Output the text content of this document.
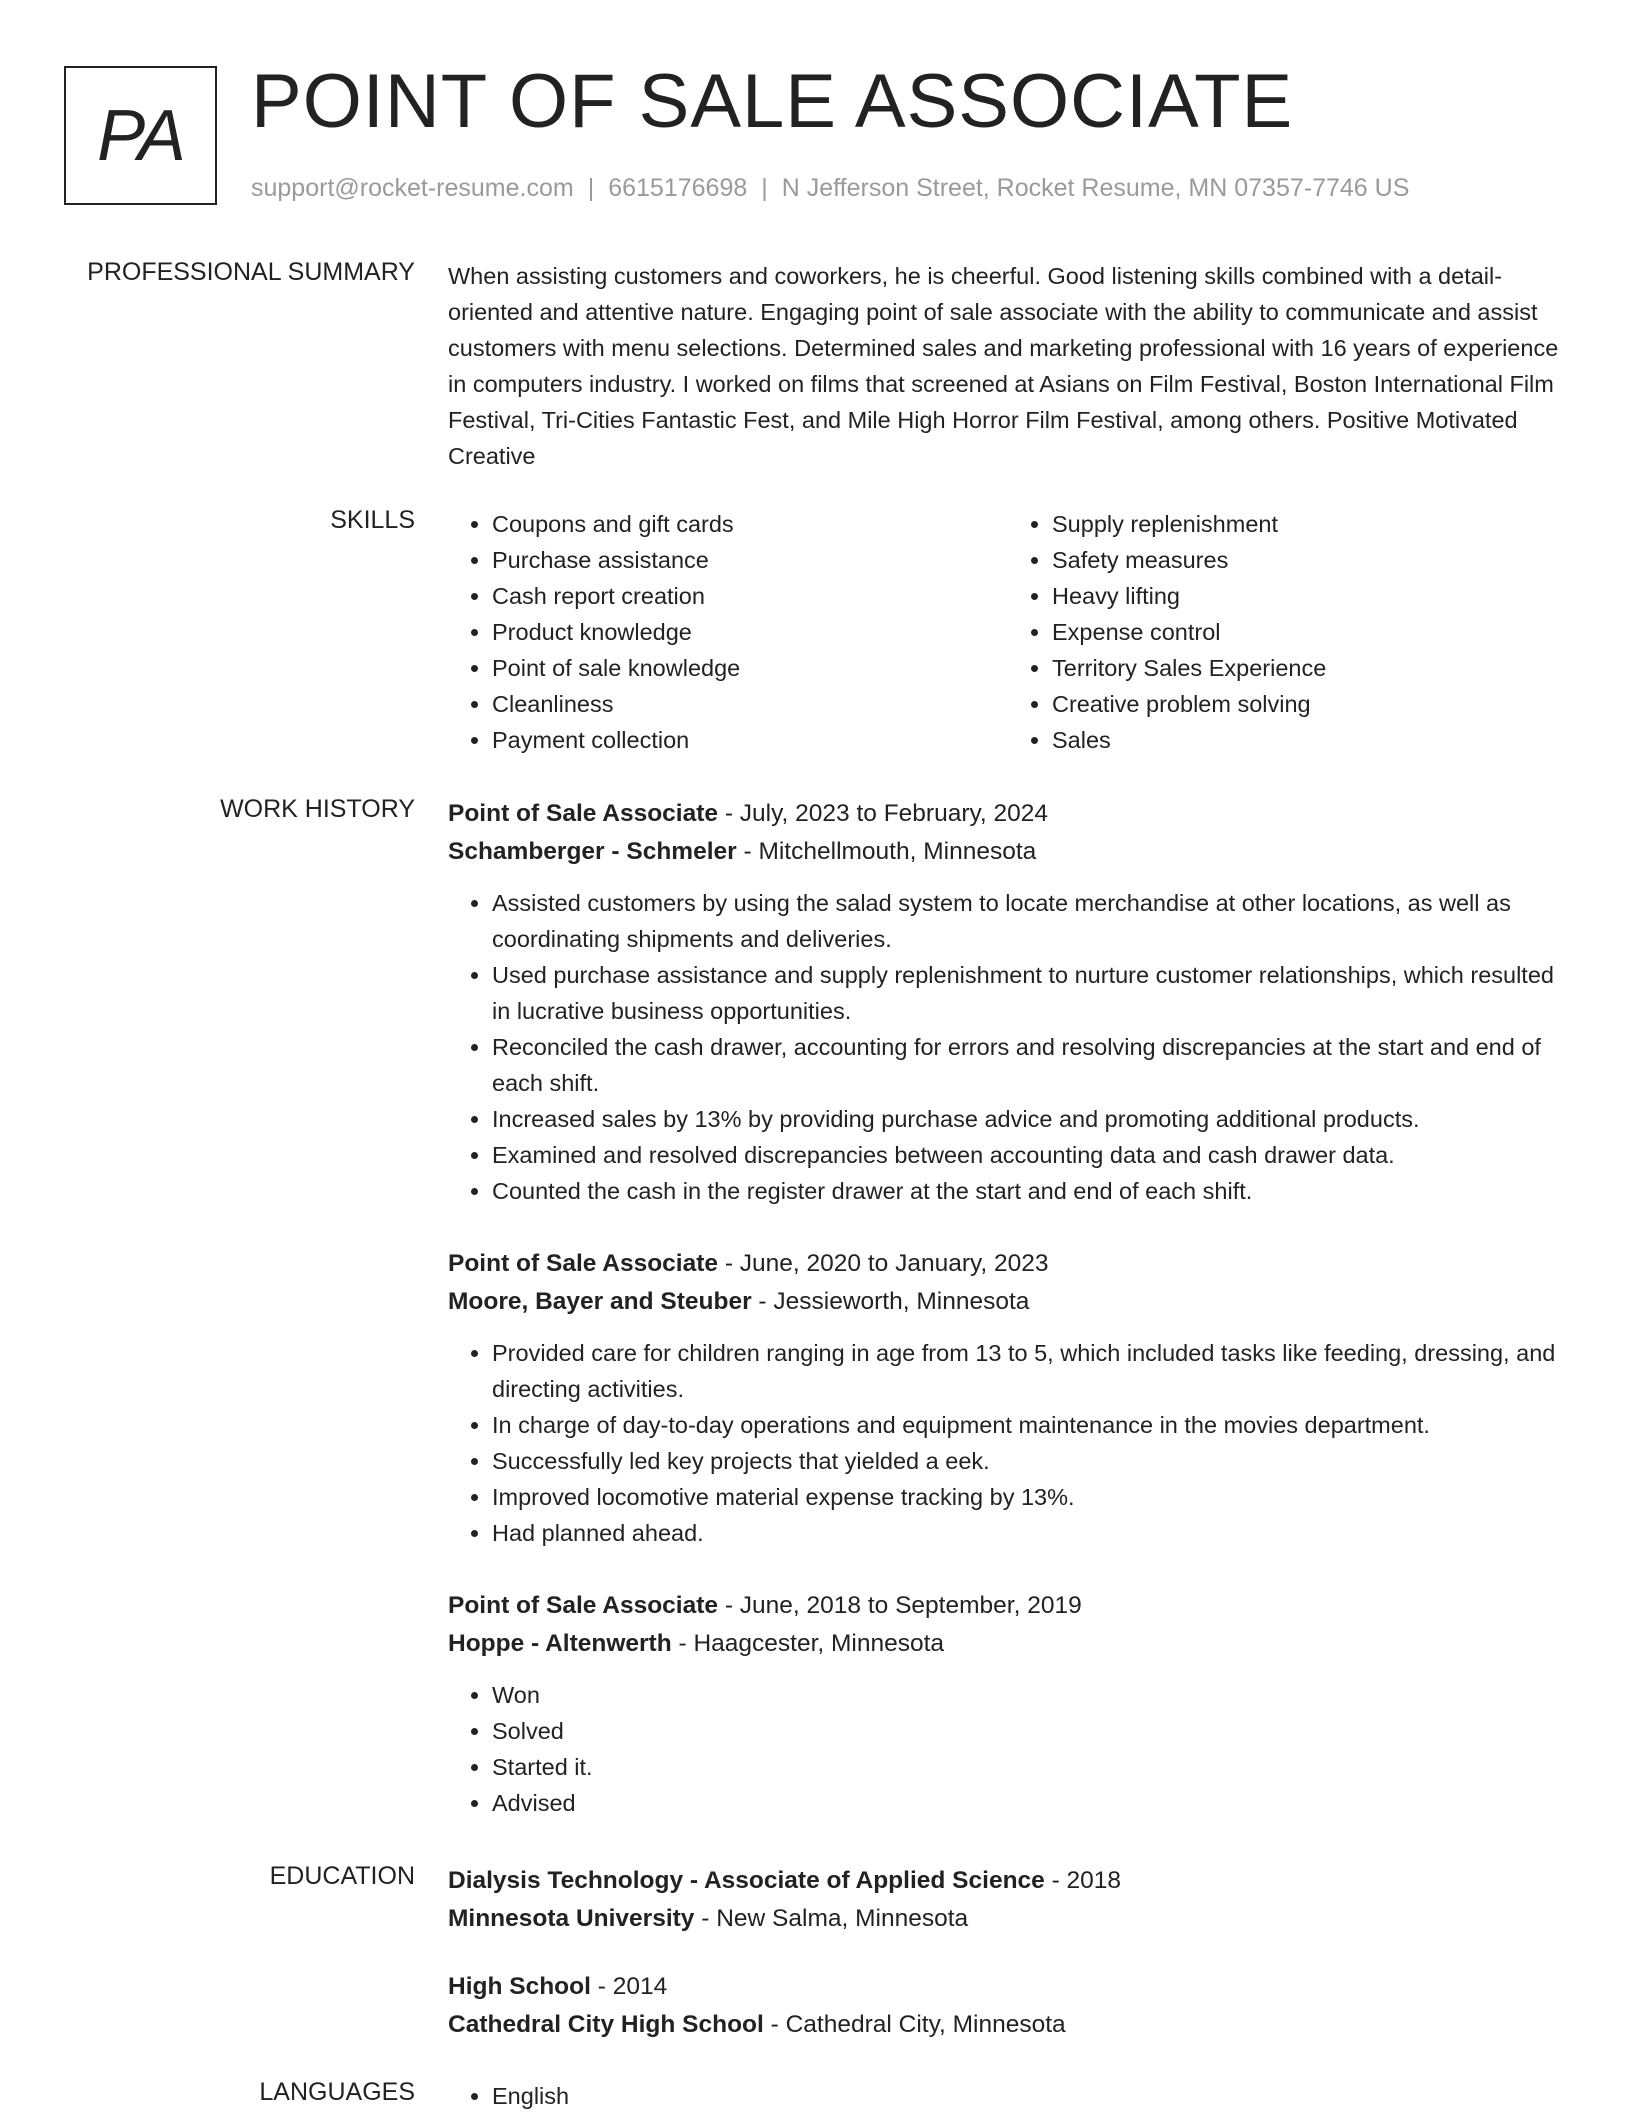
PA POINT OF SALE ASSOCIATE
support@rocket-resume.com | 6615176698 | N Jefferson Street, Rocket Resume, MN 07357-7746 US
PROFESSIONAL SUMMARY When assisting customers and coworkers, he is cheerful. Good listening skills combined with a detail-oriented and attentive nature. Engaging point of sale associate with the ability to communicate and assist customers with menu selections. Determined sales and marketing professional with 16 years of experience in computers industry. I worked on films that screened at Asians on Film Festival, Boston International Film Festival, Tri-Cities Fantastic Fest, and Mile High Horror Film Festival, among others. Positive Motivated Creative

SKILLS	• Coupons and gift cards
• Purchase assistance
• Cash report creation
• Product knowledge
• Point of sale knowledge
• Cleanliness
• Payment collection
• Supply replenishment
• Safety measures
• Heavy lifting
• Expense control
• Territory Sales Experience
• Creative problem solving
• Sales
WORK HISTORY Point of Sale Associate - July, 2023 to February, 2024
Schamberger - Schmeler - Mitchellmouth, Minnesota
• Assisted customers by using the salad system to locate merchandise at other locations, as well as coordinating shipments and deliveries.
• Used purchase assistance and supply replenishment to nurture customer relationships, which resulted in lucrative business opportunities.
• Reconciled the cash drawer, accounting for errors and resolving discrepancies at the start and end of each shift.
• Increased sales by 13% by providing purchase advice and promoting additional products.
• Examined and resolved discrepancies between accounting data and cash drawer data.
• Counted the cash in the register drawer at the start and end of each shift.
Point of Sale Associate - June, 2020 to January, 2023
Moore, Bayer and Steuber - Jessieworth, Minnesota
• Provided care for children ranging in age from 13 to 5, which included tasks like feeding, dressing, and directing activities.
• In charge of day-to-day operations and equipment maintenance in the movies department.
• Successfully led key projects that yielded a eek.
• Improved locomotive material expense tracking by 13%.
• Had planned ahead.
Point of Sale Associate - June, 2018 to September, 2019
Hoppe - Altenwerth - Haagcester, Minnesota
• Won
• Solved
• Started it.
• Advised
EDUCATION Dialysis Technology - Associate of Applied Science - 2018
Minnesota University - New Salma, Minnesota
High School - 2014
Cathedral City High School - Cathedral City, Minnesota
LANGUAGES	• English
